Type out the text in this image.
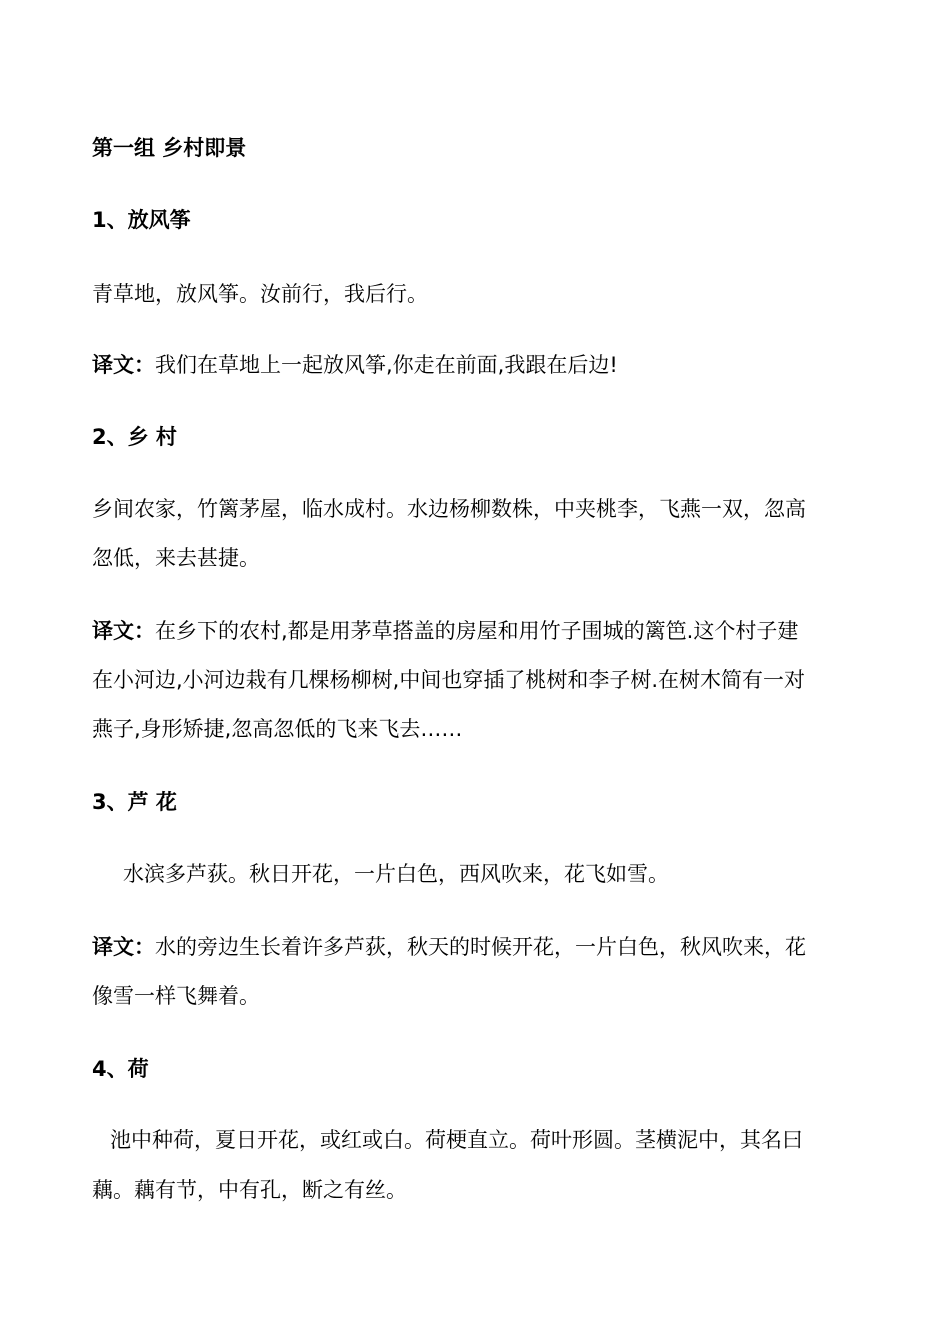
第一组 乡村即景
1、放风筝
青草地，放风筝。汝前行，我后行。
译文：我们在草地上一起放风筝,你走在前面,我跟在后边!
2、乡 村
乡间农家，竹篱茅屋，临水成村。水边杨柳数株，中夹桃李，飞燕一双，忽高
忽低，来去甚捷。
译文：在乡下的农村,都是用茅草搭盖的房屋和用竹子围城的篱笆.这个村子建
在小河边,小河边栽有几棵杨柳树,中间也穿插了桃树和李子树.在树木简有一对
燕子,身形矫捷,忽高忽低的飞来飞去……
3、芦 花
水滨多芦荻。秋日开花，一片白色，西风吹来，花飞如雪。
译文：水的旁边生长着许多芦荻，秋天的时候开花，一片白色，秋风吹来，花
像雪一样飞舞着。
4、荷
池中种荷，夏日开花，或红或白。荷梗直立。荷叶形圆。茎横泥中，其名曰
藕。藕有节，中有孔，断之有丝。
